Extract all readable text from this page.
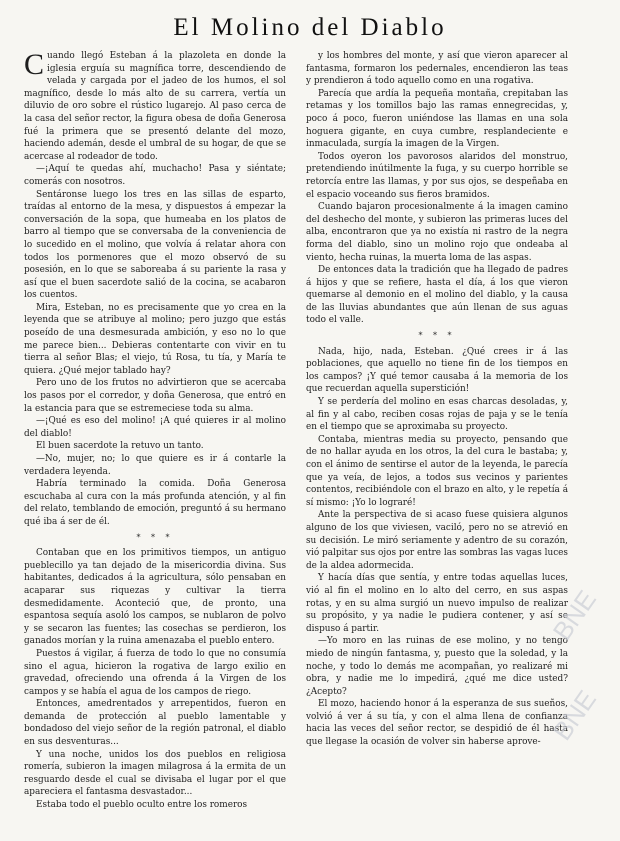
El Molino del Diablo

Cuando llegó Esteban á la plazoleta en donde la iglesia erguía su magnífica torre, descendiendo de velada y cargada por el jadeo de los humos, el sol magnífico, desde lo más alto de su carrera, vertía un diluvio de oro sobre el rústico lugarejo. Al paso cerca de la casa del señor rector, la figura obesa de doña Generosa fué la primera que se presentó delante del mozo, haciendo ademán, desde el umbral de su hogar, de que se acercase al rodeador de todo.

—¡Aquí te quedas ahí, muchacho! Pasa y siéntate; comerás con nosotros.

Sentáronse luego los tres en las sillas de esparto, traídas al entorno de la mesa, y dispuestos á empezar la conversación de la sopa, que humeaba en los platos de barro al tiempo que se conversaba de la conveniencia de lo sucedido en el molino, que volvía á relatar ahora con todos los pormenores que el mozo observó de su posesión, en lo que se saboreaba á su pariente la rasa y así que el buen sacerdote salió de la cocina, se acabaron los cuentos.

Mira, Esteban, no es precisamente que yo crea en la leyenda que se atribuye al molino; pero juzgo que estás poseído de una desmesurada ambición, y eso no lo que me parece bien... Debieras contentarte con vivir en tu tierra al señor Blas; el viejo, tú Rosa, tu tía, y María te quiera. ¿Qué mejor tablado hay?

Pero uno de los frutos no advirtieron que se acercaba los pasos por el corredor, y doña Generosa, que entró en la estancia para que se estremeciese toda su alma.

—¡Qué es eso del molino! ¡A qué quieres ir al molino del diablo!

El buen sacerdote la retuvo un tanto.

—No, mujer, no; lo que quiere es ir á contarle la verdadera leyenda.

Habría terminado la comida. Doña Generosa escuchaba al cura con la más profunda atención, y al fin del relato, temblando de emoción, preguntó á su hermano qué iba á ser de él.

* * *

Contaban que en los primitivos tiempos, un antiguo pueblecillo ya tan dejado de la misericordia divina. Sus habitantes, dedicados á la agricultura, sólo pensaban en acaparar sus riquezas y cultivar la tierra desmedidamente. Aconteció que, de pronto, una espantosa sequía asoló los campos, se nublaron de polvo y se secaron las fuentes; las cosechas se perdieron, los ganados morían y la ruina amenazaba el pueblo entero.

Puestos á vigilar, á fuerza de todo lo que no consumía sino el agua, hicieron la rogativa de largo exilio en gravedad, ofreciendo una ofrenda á la Virgen de los campos y se había el agua de los campos de riego.

Entonces, amedrentados y arrepentidos, fueron en demanda de protección al pueblo lamentable y bondadoso del viejo señor de la región patronal, el diablo en sus desventuras...

Y una noche, unidos los dos pueblos en religiosa romería, subieron la imagen milagrosa á la ermita de un resguardo desde el cual se divisaba el lugar por el que apareciera el fantasma desvastador...

Estaba todo el pueblo oculto entre los romeros

y los hombres del monte, y así que vieron aparecer al fantasma, formaron los pedernales, encendieron las teas y prendieron á todo aquello como en una rogativa.

Parecía que ardía la pequeña montaña, crepitaban las retamas y los tomillos bajo las ramas ennegrecidas, y, poco á poco, fueron uniéndose las llamas en una sola hoguera gigante, en cuya cumbre, resplandeciente e inmaculada, surgía la imagen de la Virgen.

Todos oyeron los pavorosos alaridos del monstruo, pretendiendo inútilmente la fuga, y su cuerpo horrible se retorcía entre las llamas, y por sus ojos, se despeñaba en el espacio voceando sus fieros bramidos.

Cuando bajaron procesionalmente á la imagen camino del deshecho del monte, y subieron las primeras luces del alba, encontraron que ya no existía ni rastro de la negra forma del diablo, sino un molino rojo que ondeaba al viento, hecha ruinas, la muerta loma de las aspas.

De entonces data la tradición que ha llegado de padres á hijos y que se refiere, hasta el día, á los que vieron quemarse al demonio en el molino del diablo, y la causa de las lluvias abundantes que aún llenan de sus aguas todo el valle.

* * *

Nada, hijo, nada, Esteban. ¿Qué crees ir á las poblaciones, que aquello no tiene fin de los tiempos en los campos? ¡Y qué temor causaba á la memoria de los que recuerdan aquella superstición!

Y se perdería del molino en esas charcas desoladas, y, al fin y al cabo, reciben cosas rojas de paja y se le tenía en el tiempo que se aproximaba su proyecto.

Contaba, mientras media su proyecto, pensando que de no hallar ayuda en los otros, la del cura le bastaba; y, con el ánimo de sentirse el autor de la leyenda, le parecía que ya veía, de lejos, a todos sus vecinos y parientes contentos, recibiéndole con el brazo en alto, y le repetía á sí mismo: ¡Yo lo lograré!

Ante la perspectiva de si acaso fuese quisiera algunos alguno de los que viviesen, vaciló, pero no se atrevió en su decisión. Le miró seriamente y adentro de su corazón, vió palpitar sus ojos por entre las sombras las vagas luces de la aldea adormecida.

Y hacía días que sentía, y entre todas aquellas luces, vió al fin el molino en lo alto del cerro, en sus aspas rotas, y en su alma surgió un nuevo impulso de realizar su propósito, y ya nadie le pudiera contener, y así se dispuso á partir.

—Yo moro en las ruinas de ese molino, y no tengo miedo de ningún fantasma, y, puesto que la soledad, y la noche, y todo lo demás me acompañan, yo realizaré mi obra, y nadie me lo impedirá, ¿qué me dice usted? ¿Acepto?

El mozo, haciendo honor á la esperanza de sus sueños, volvió á ver á su tía, y con el alma llena de confianza hacia las veces del señor rector, se despidió de él hasta que llegase la ocasión de volver sin haberse aprove-

BNE
BNE
